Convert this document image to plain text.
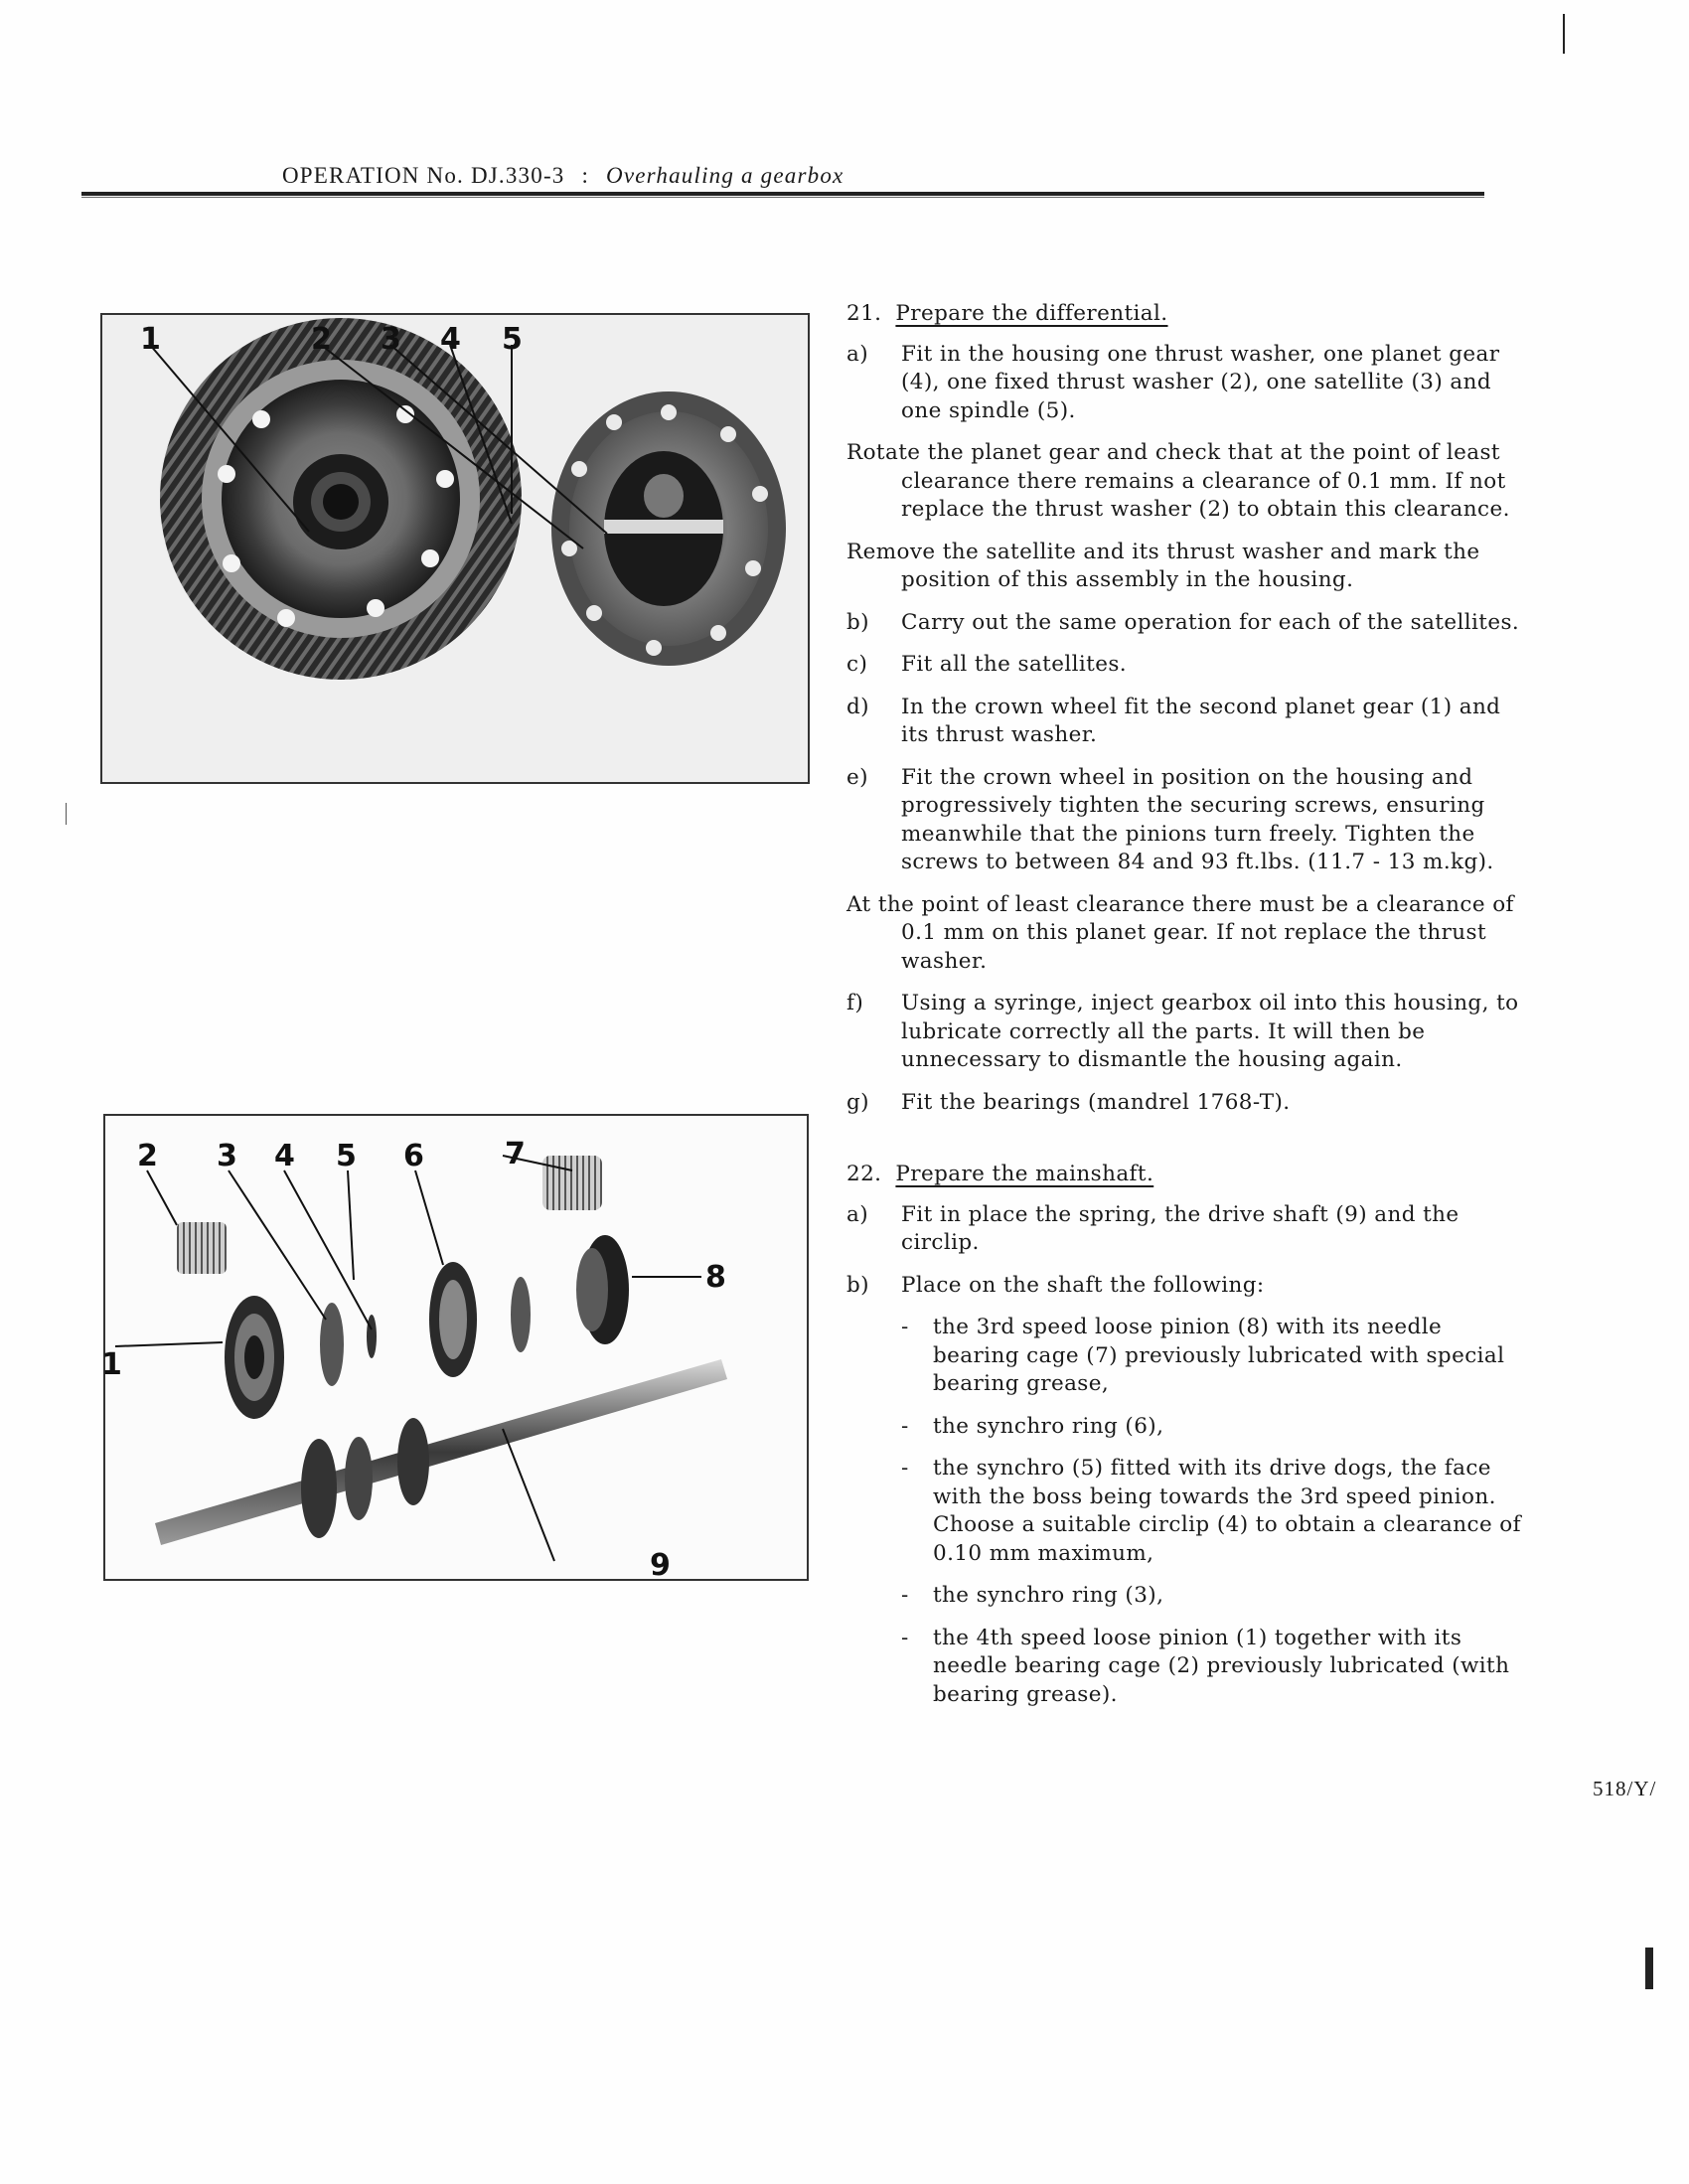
OPERATION No. DJ.330-3 : Overhauling a gearbox
1	2 3 4 5
2 3 4 5 6	7
8
1
9
21. Prepare the differential.
a)	Fit in the housing one thrust washer, one planet gear (4), one fixed thrust washer (2), one satellite (3) and one spindle (5).
Rotate the planet gear and check that at the point of least clearance there remains a clearance of 0.1 mm. If not replace the thrust washer (2) to obtain this clearance.
Remove the satellite and its thrust washer and mark the position of this assembly in the housing.
b)	Carry out the same operation for each of the satellites.
c)	Fit all the satellites.
d)	In the crown wheel fit the second planet gear (1) and its thrust washer.
e)	Fit the crown wheel in position on the housing and progressively tighten the securing screws, ensuring meanwhile that the pinions turn freely. Tighten the screws to between 84 and 93 ft.lbs. (11.7 - 13 m.kg).
At the point of least clearance there must be a clearance of 0.1 mm on this planet gear. If not replace the thrust washer.
f)	Using a syringe, inject gearbox oil into this housing, to lubricate correctly all the parts. It will then be unnecessary to dismantle the housing again.
g)	Fit the bearings (mandrel 1768-T).
22. Prepare the mainshaft.
a)	Fit in place the spring, the drive shaft (9) and the circlip.
b)	Place on the shaft the following:
-	the 3rd speed loose pinion (8) with its needle bearing cage (7) previously lubricated with special bearing grease,
-	the synchro ring (6),
-	the synchro (5) fitted with its drive dogs, the face with the boss being towards the 3rd speed pinion. Choose a suitable circlip (4) to obtain a clearance of 0.10 mm maximum,
-	the synchro ring (3),
-	the 4th speed loose pinion (1) together with its needle bearing cage (2) previously lubricated (with bearing grease).
518/Y/
